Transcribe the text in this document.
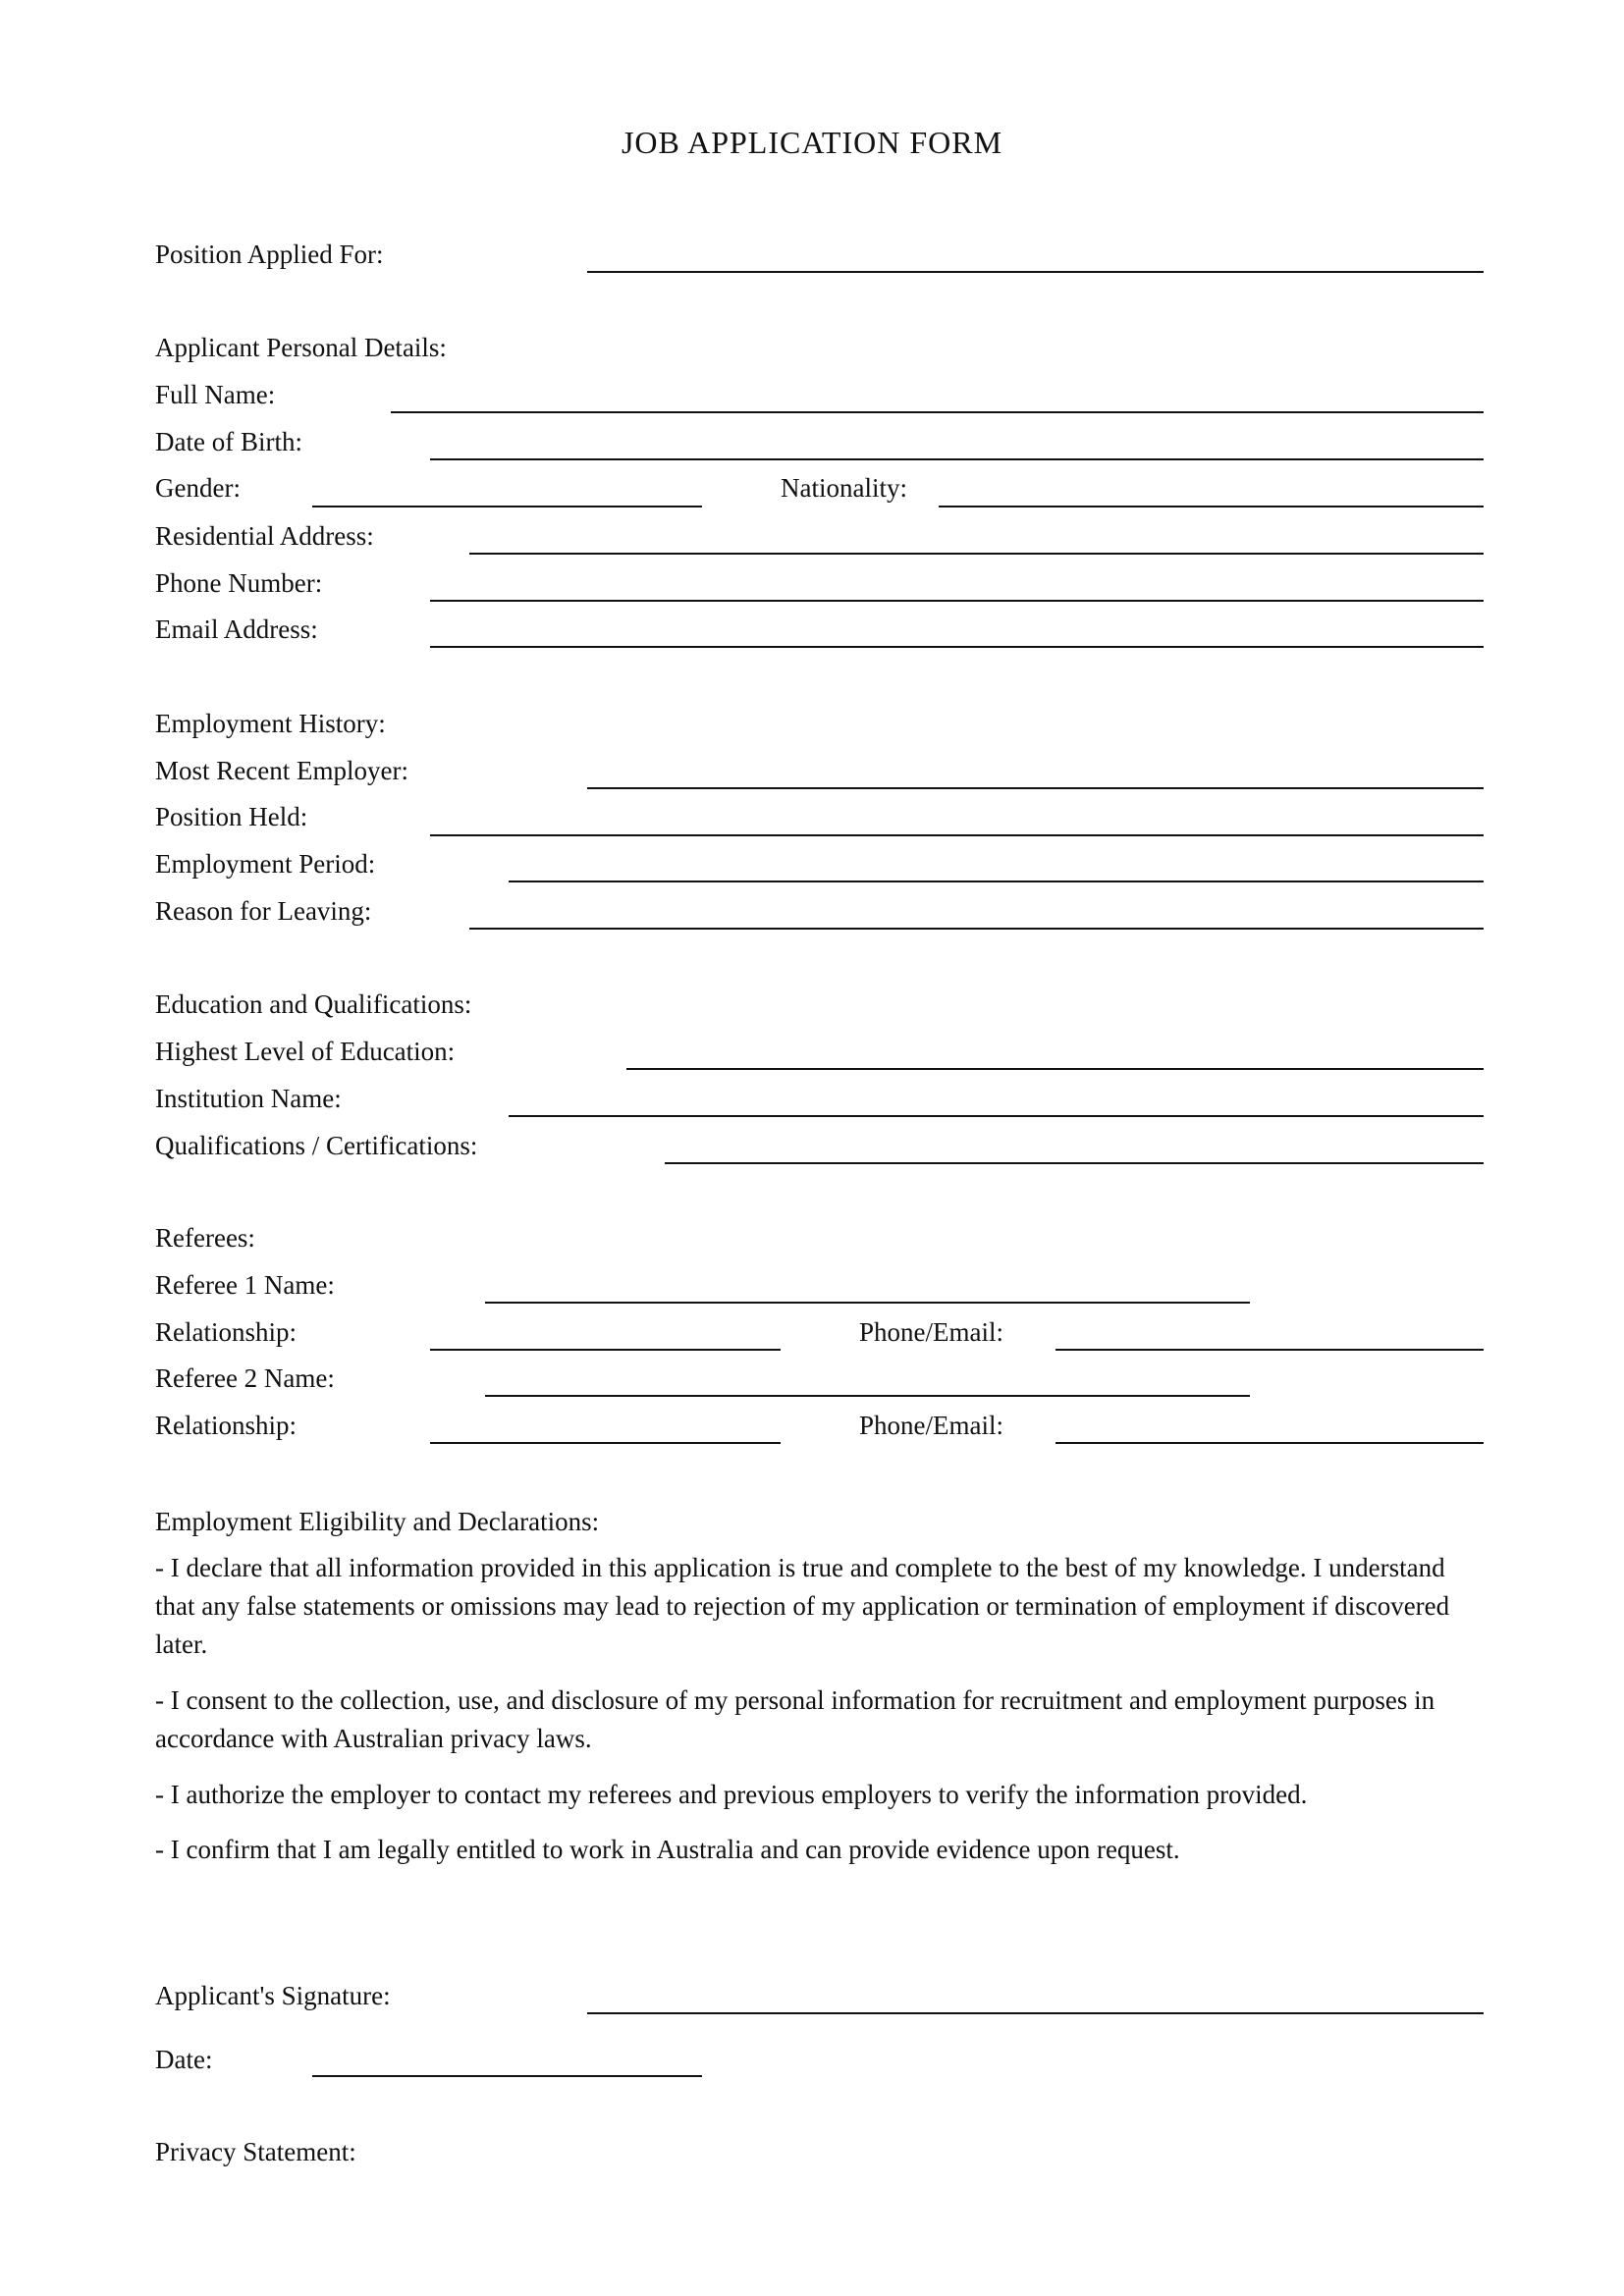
JOB APPLICATION FORM
Position Applied For:
Applicant Personal Details:
Full Name:
Date of Birth:
Gender:	Nationality:
Residential Address:
Phone Number:
Email Address:
Employment History:
Most Recent Employer:
Position Held:
Employment Period:
Reason for Leaving:
Education and Qualifications:
Highest Level of Education:
Institution Name:
Qualifications / Certifications:
Referees:
Referee 1 Name:
Relationship:	Phone/Email:
Referee 2 Name:
Relationship:	Phone/Email:
Employment Eligibility and Declarations:
- I declare that all information provided in this application is true and complete to the best of my knowledge. I understand that any false statements or omissions may lead to rejection of my application or termination of employment if discovered later.
- I consent to the collection, use, and disclosure of my personal information for recruitment and employment purposes in accordance with Australian privacy laws.
- I authorize the employer to contact my referees and previous employers to verify the information provided.
- I confirm that I am legally entitled to work in Australia and can provide evidence upon request.
Applicant's Signature:
Date:
Privacy Statement:
